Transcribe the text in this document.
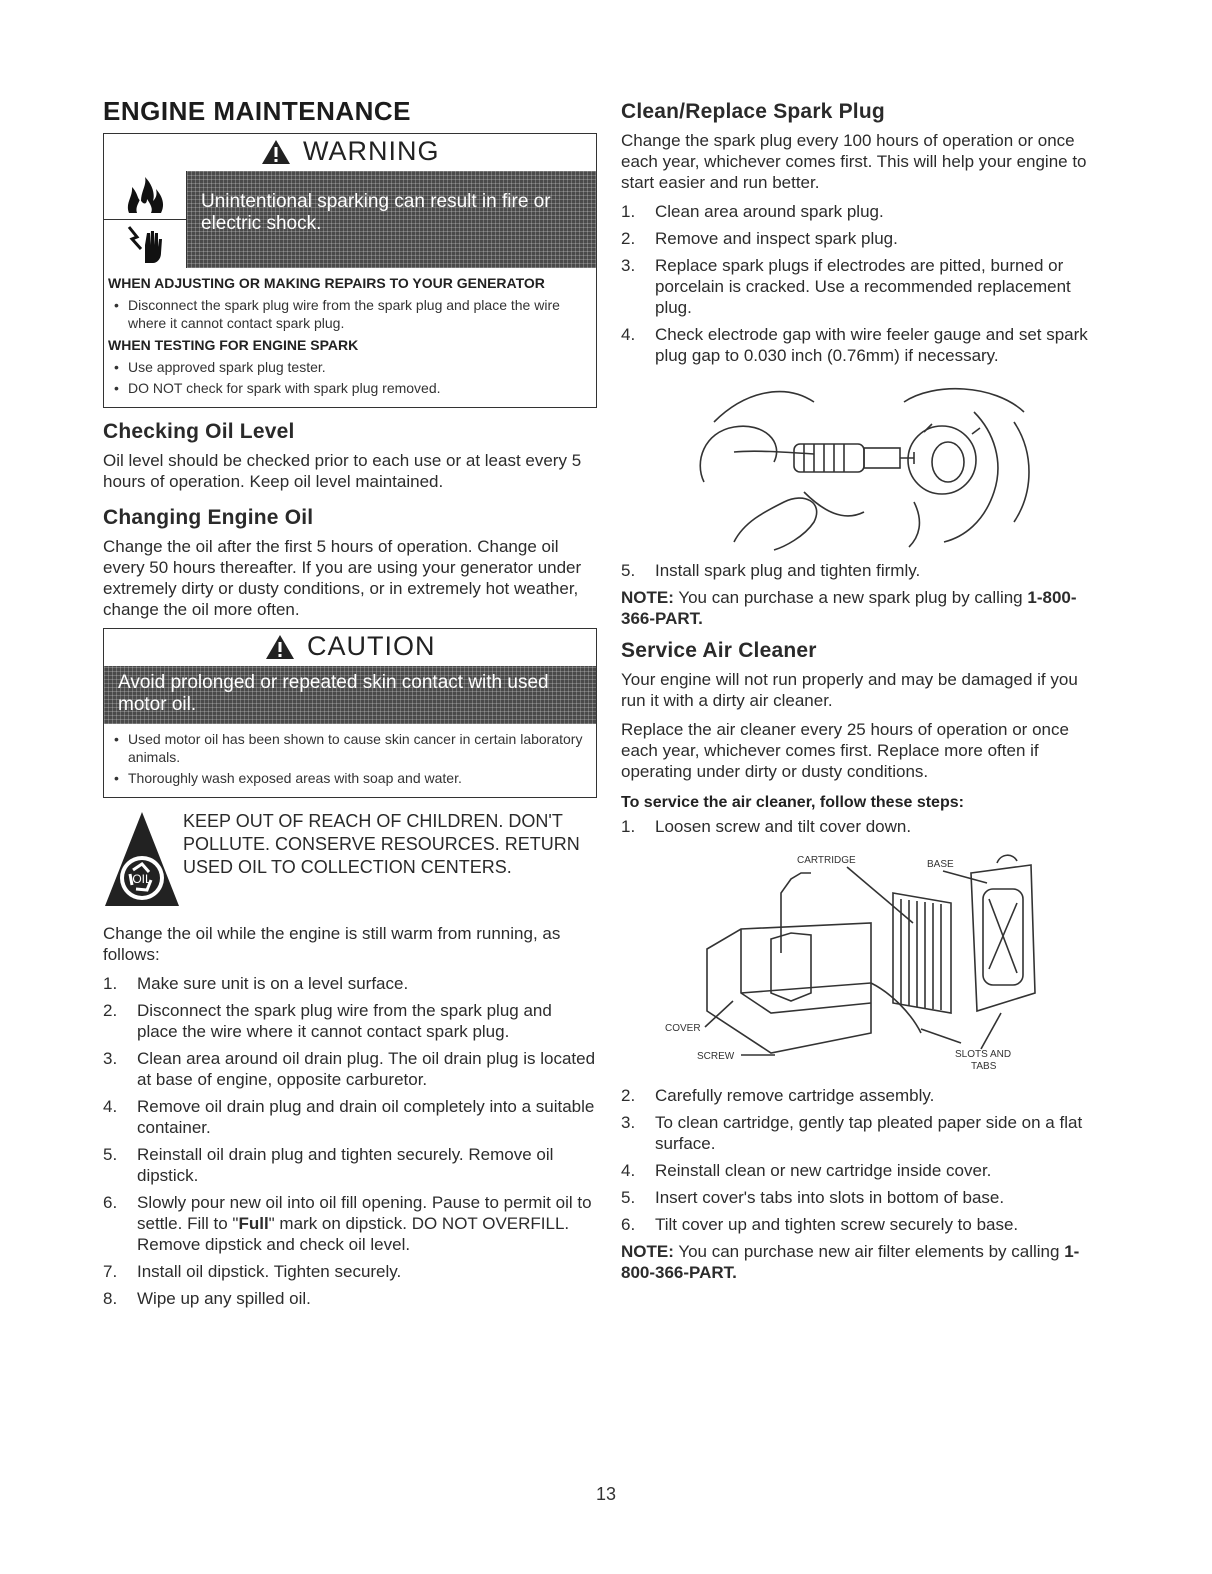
ENGINE MAINTENANCE
WARNING
Unintentional sparking can result in fire or electric shock.
WHEN ADJUSTING OR MAKING REPAIRS TO YOUR GENERATOR
• Disconnect the spark plug wire from the spark plug and place the wire where it cannot contact spark plug.
WHEN TESTING FOR ENGINE SPARK
• Use approved spark plug tester.
• DO NOT check for spark with spark plug removed.
Checking Oil Level

Oil level should be checked prior to each use or at least every 5 hours of operation. Keep oil level maintained.

Changing Engine Oil

Change the oil after the first 5 hours of operation. Change oil every 50 hours thereafter. If you are using your generator under extremely dirty or dusty conditions, or in extremely hot weather, change the oil more often.

CAUTION
Avoid prolonged or repeated skin contact with used motor oil.
• Used motor oil has been shown to cause skin cancer in certain laboratory animals.
• Thoroughly wash exposed areas with soap and water.
OIL
KEEP OUT OF REACH OF CHILDREN. DON'T POLLUTE. CONSERVE RESOURCES. RETURN USED OIL TO COLLECTION CENTERS.

Change the oil while the engine is still warm from running, as follows:

1. Make sure unit is on a level surface.
2. Disconnect the spark plug wire from the spark plug and place the wire where it cannot contact spark plug.
3. Clean area around oil drain plug. The oil drain plug is located at base of engine, opposite carburetor.
4. Remove oil drain plug and drain oil completely into a suitable container.
5. Reinstall oil drain plug and tighten securely. Remove oil dipstick.
6. Slowly pour new oil into oil fill opening. Pause to permit oil to settle. Fill to "Full" mark on dipstick. DO NOT OVERFILL. Remove dipstick and check oil level.
7. Install oil dipstick. Tighten securely.
8. Wipe up any spilled oil.
Clean/Replace Spark Plug

Change the spark plug every 100 hours of operation or once each year, whichever comes first. This will help your engine to start easier and run better.

1. Clean area around spark plug.
2. Remove and inspect spark plug.
3. Replace spark plugs if electrodes are pitted, burned or porcelain is cracked. Use a recommended replacement plug.
4. Check electrode gap with wire feeler gauge and set spark plug gap to 0.030 inch (0.76mm) if necessary.
5. Install spark plug and tighten firmly.

NOTE: You can purchase a new spark plug by calling 1-800-366-PART.

Service Air Cleaner

Your engine will not run properly and may be damaged if you run it with a dirty air cleaner.

Replace the air cleaner every 25 hours of operation or once each year, whichever comes first. Replace more often if operating under dirty or dusty conditions.

To service the air cleaner, follow these steps:
1. Loosen screw and tilt cover down.
CARTRIDGE	BASE
COVER
SCREW	SLOTS AND
TABS
2. Carefully remove cartridge assembly.
3. To clean cartridge, gently tap pleated paper side on a flat surface.
4. Reinstall clean or new cartridge inside cover.
5. Insert cover's tabs into slots in bottom of base.
6. Tilt cover up and tighten screw securely to base.

NOTE: You can purchase new air filter elements by calling 1-800-366-PART.

13
